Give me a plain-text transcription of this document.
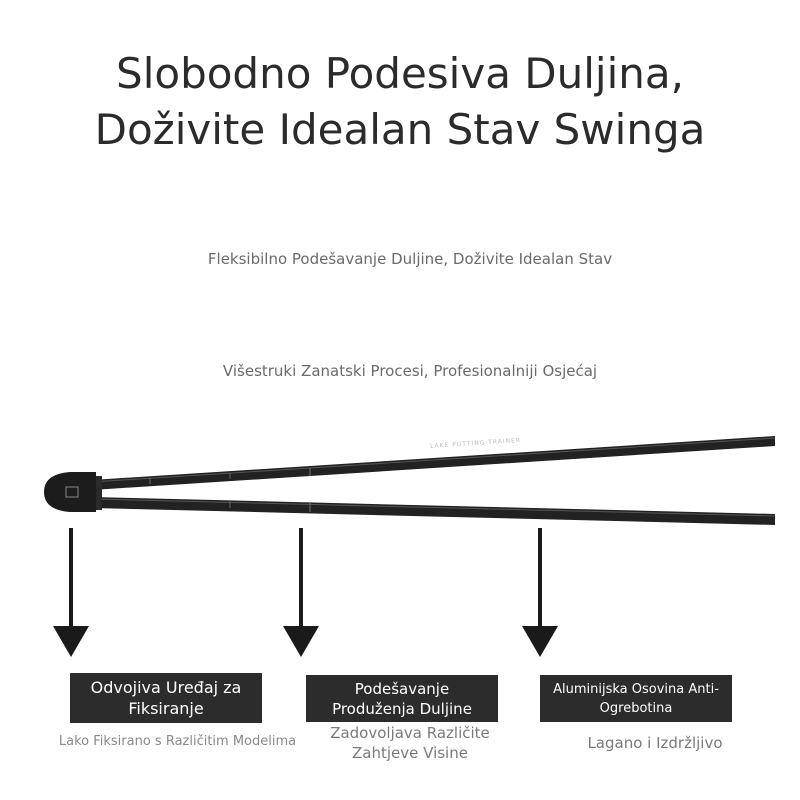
Slobodno Podesiva Duljina,
Doživite Idealan Stav Swinga
Fleksibilno Podešavanje Duljine, Doživite Idealan Stav
Višestruki Zanatski Procesi, Profesionalniji Osjećaj
Odvojiva Uređaj za Fiksiranje
Podešavanje Produženja Duljine
Aluminijska Osovina Anti-Ogrebotina
Lako Fiksirano s Različitim Modelima	Zadovoljava Različite Zahtjeve Visine
Lagano i Izdržljivo
LAKE PUTTING TRAINER
